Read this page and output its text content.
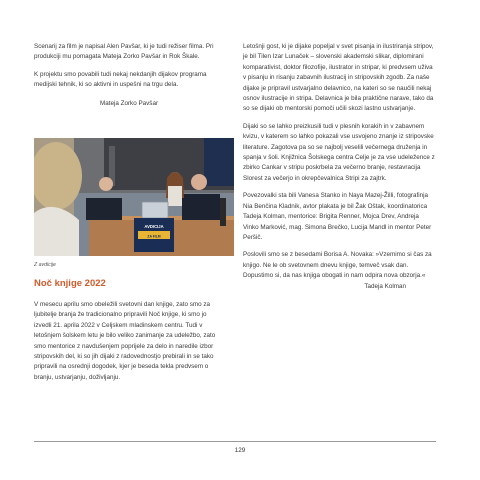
Scenarij za film je napisal Alen Pavšar, ki je tudi režiser filma. Pri produkciji mu pomagata Mateja Zorko Pavšar in Rok Škale.

K projektu smo povabili tudi nekaj nekdanjih dijakov programa medijski tehnik, ki so aktivni in uspešni na trgu dela.

Mateja Zorko Pavšar

AVDICIJA
ZA FILM
Z avdicije
Noč knjige 2022

V mesecu aprilu smo obeležili svetovni dan knjige, zato smo za ljubitelje branja že tradicionalno pripravili Noč knjige, ki smo jo izvedli 21. aprila 2022 v Celjskem mladinskem centru. Tudi v letošnjem šolskem letu je bilo veliko zanimanje za udeležbo, zato smo mentorice z navdušenjem poprijele za delo in naredile izbor stripovskih del, ki so jih dijaki z radovednostjo prebirali in se tako pripravili na osrednji dogodek, kjer je beseda tekla predvsem o branju, ustvarjanju, doživljanju.

Letošnji gost, ki je dijake popeljal v svet pisanja in ilustriranja stripov, je bil Tilen Izar Lunaček – slovenski akademski slikar, diplomirani komparativist, doktor filozofije, ilustrator in stripar, ki predvsem uživa v pisanju in risanju zabavnih ilustracij in stripovskih zgodb. Za naše dijake je pripravil ustvarjalno delavnico, na kateri so se naučili nekaj osnov ilustracije in stripa. Delavnica je bila praktične narave, tako da so se dijaki ob mentorski pomoči učili skozi lastno ustvarjanje.

Dijaki so se lahko preizkusili tudi v plesnih korakih in v zabavnem kvizu, v katerem so lahko pokazali vse usvojeno znanje iz stripovske literature. Zagotova pa so se najbolj veselili večernega druženja in spanja v šoli. Knjižnica Šolskega centra Celje je za vse udeležence z zbirko Cankar v stripu poskrbela za večerno branje, restavracija Slorest za večerjo in okrepčevalnica Stripi za zajtrk.

Povezovalki sta bili Vanesa Stanko in Naya Mazej-Žilli, fotografinja Nia Benčina Kladnik, avtor plakata je bil Žak Oštak, koordinatorica Tadeja Kolman, mentorice: Brigita Renner, Mojca Drev, Andreja Vinko Marković, mag. Simona Brečko, Lucija Mandl in mentor Peter Peršič.

Poslovili smo se z besedami Borisa A. Novaka: »Vzemimo si čas za knjigo. Ne le ob svetovnem dnevu knjige, temveč vsak dan. Dopustimo si, da nas knjiga obogati in nam odpira nova obzorja.«

Tadeja Kolman

129
